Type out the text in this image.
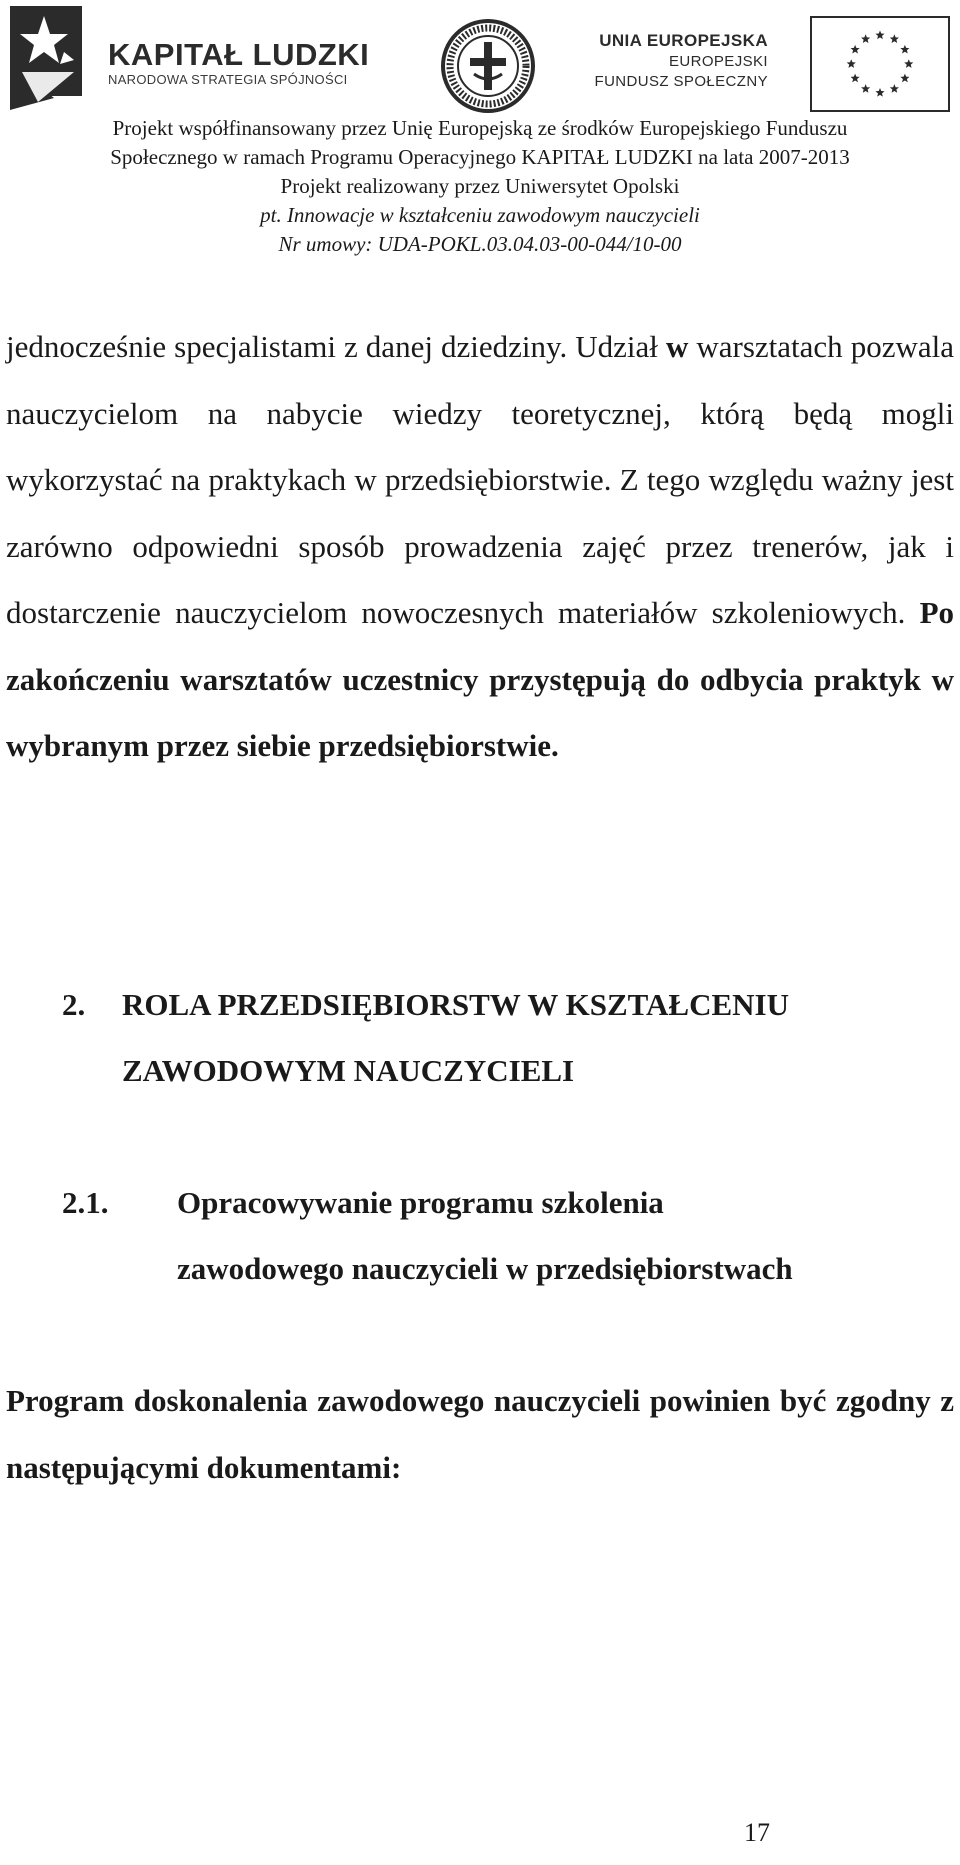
KAPITAŁ LUDZKI
NARODOWA STRATEGIA SPÓJNOŚCI
UNIA EUROPEJSKA
EUROPEJSKI
FUNDUSZ SPOŁECZNY
Projekt współfinansowany przez Unię Europejską ze środków Europejskiego Funduszu
Społecznego w ramach Programu Operacyjnego KAPITAŁ LUDZKI na lata 2007-2013
Projekt realizowany przez Uniwersytet Opolski
pt. Innowacje w kształceniu zawodowym nauczycieli
Nr umowy: UDA-POKL.03.04.03-00-044/10-00

jednocześnie specjalistami z danej dziedziny. Udział w warsztatach pozwala nauczycielom na nabycie wiedzy teoretycznej, którą będą mogli wykorzystać na praktykach w przedsiębiorstwie. Z tego względu ważny jest zarówno odpowiedni sposób prowadzenia zajęć przez trenerów, jak i dostarczenie nauczycielom nowoczesnych materiałów szkoleniowych. Po zakończeniu warsztatów uczestnicy przystępują do odbycia praktyk w wybranym przez siebie przedsiębiorstwie.

2. ROLA PRZEDSIĘBIORSTW W KSZTAŁCENIU
ZAWODOWYM NAUCZYCIELI
2.1. Opracowywanie programu szkolenia
zawodowego nauczycieli w przedsiębiorstwach
Program doskonalenia zawodowego nauczycieli powinien być zgodny z następującymi dokumentami:
17
